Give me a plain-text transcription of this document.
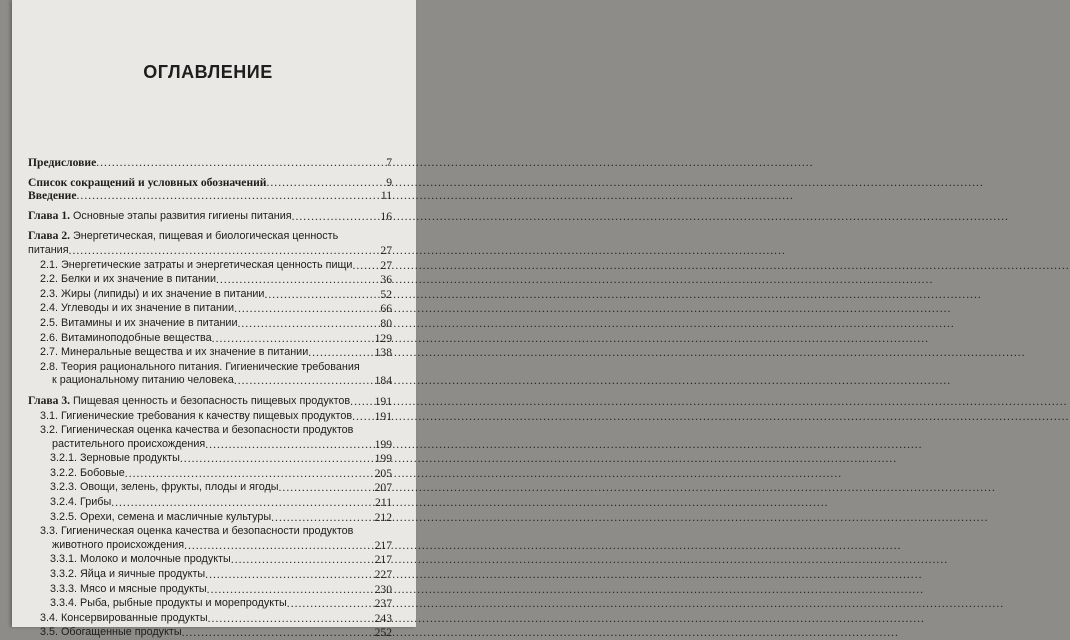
ОГЛАВЛЕНИЕ
Предисловие .....	7
Список сокращений и условных обозначений .....	9
Введение .....	11
Глава 1. Основные этапы развития гигиены питания .....	16
Глава 2. Энергетическая, пищевая и биологическая ценность
питания .....	27
2.1. Энергетические затраты и энергетическая ценность пищи ..... 27
2.2. Белки и их значение в питании .....	36
2.3. Жиры (липиды) и их значение в питании .....	52
2.4. Углеводы и их значение в питании .....	66
2.5. Витамины и их значение в питании .....	80
2.6. Витаминоподобные вещества .....	129
2.7. Минеральные вещества и их значение в питании .....	138
2.8. Теория рационального питания. Гигиенические требования
к рациональному питанию человека .....	184
Глава 3. Пищевая ценность и безопасность пищевых продуктов ..... 191
3.1. Гигиенические требования к качеству пищевых продуктов ..... 191
3.2. Гигиеническая оценка качества и безопасности продуктов
растительного происхождения .....	199
3.2.1. Зерновые продукты .....	199
3.2.2. Бобовые .....	205
3.2.3. Овощи, зелень, фрукты, плоды и ягоды .....	207
3.2.4. Грибы .....	211
3.2.5. Орехи, семена и масличные культуры .....	212
3.3. Гигиеническая оценка качества и безопасности продуктов
животного происхождения .....	217
3.3.1. Молоко и молочные продукты .....	217
3.3.2. Яйца и яичные продукты .....	227
3.3.3. Мясо и мясные продукты .....	230
3.3.4. Рыба, рыбные продукты и морепродукты .....	237
3.4. Консервированные продукты .....	243
3.5. Обогащенные продукты .....	252
